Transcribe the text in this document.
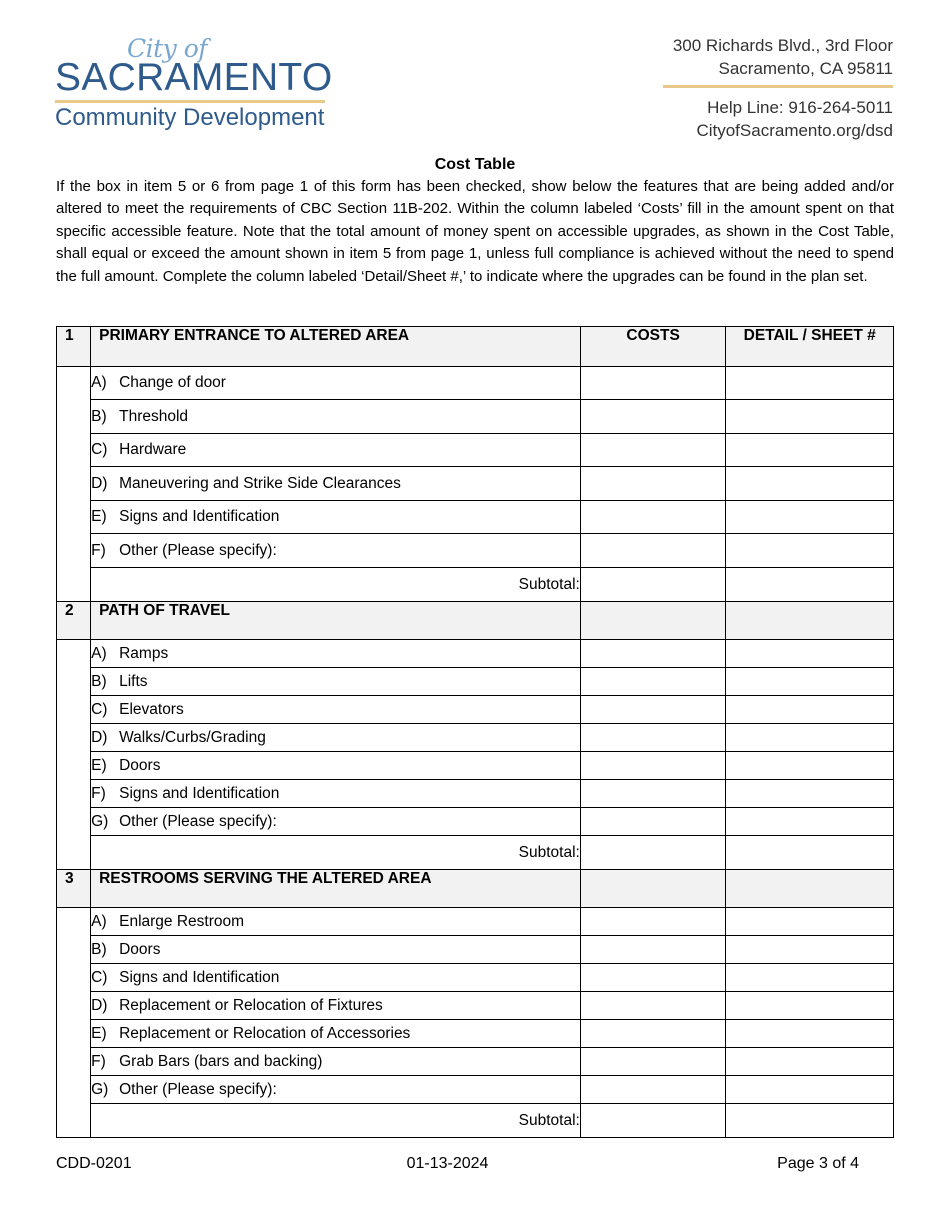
City of
SACRAMENTO
Community Development
300 Richards Blvd., 3rd Floor
Sacramento, CA 95811
Help Line: 916-264-5011
CityofSacramento.org/dsd
Cost Table
If the box in item 5 or 6 from page 1 of this form has been checked, show below the features that are being added and/or altered to meet the requirements of CBC Section 11B-202. Within the column labeled ‘Costs’ fill in the amount spent on that specific accessible feature. Note that the total amount of money spent on accessible upgrades, as shown in the Cost Table, shall equal or exceed the amount shown in item 5 from page 1, unless full compliance is achieved without the need to spend the full amount. Complete the column labeled ‘Detail/Sheet #,’ to indicate where the upgrades can be found in the plan set.
1	PRIMARY ENTRANCE TO ALTERED AREA	COSTS	DETAIL / SHEET #
	A) Change of door		
	B) Threshold		
	C) Hardware		
	D) Maneuvering and Strike Side Clearances		
	E) Signs and Identification		
	F) Other (Please specify):		
	Subtotal:		
2	PATH OF TRAVEL		
	A) Ramps		
	B) Lifts		
	C) Elevators		
	D) Walks/Curbs/Grading		
	E) Doors		
	F) Signs and Identification		
	G) Other (Please specify):		
	Subtotal:		
3	RESTROOMS SERVING THE ALTERED AREA		
	A) Enlarge Restroom		
	B) Doors		
	C) Signs and Identification		
	D) Replacement or Relocation of Fixtures		
	E) Replacement or Relocation of Accessories		
	F) Grab Bars (bars and backing)		
	G) Other (Please specify):		
	Subtotal:		
CDD-0201	01-13-2024	Page 3 of 4
